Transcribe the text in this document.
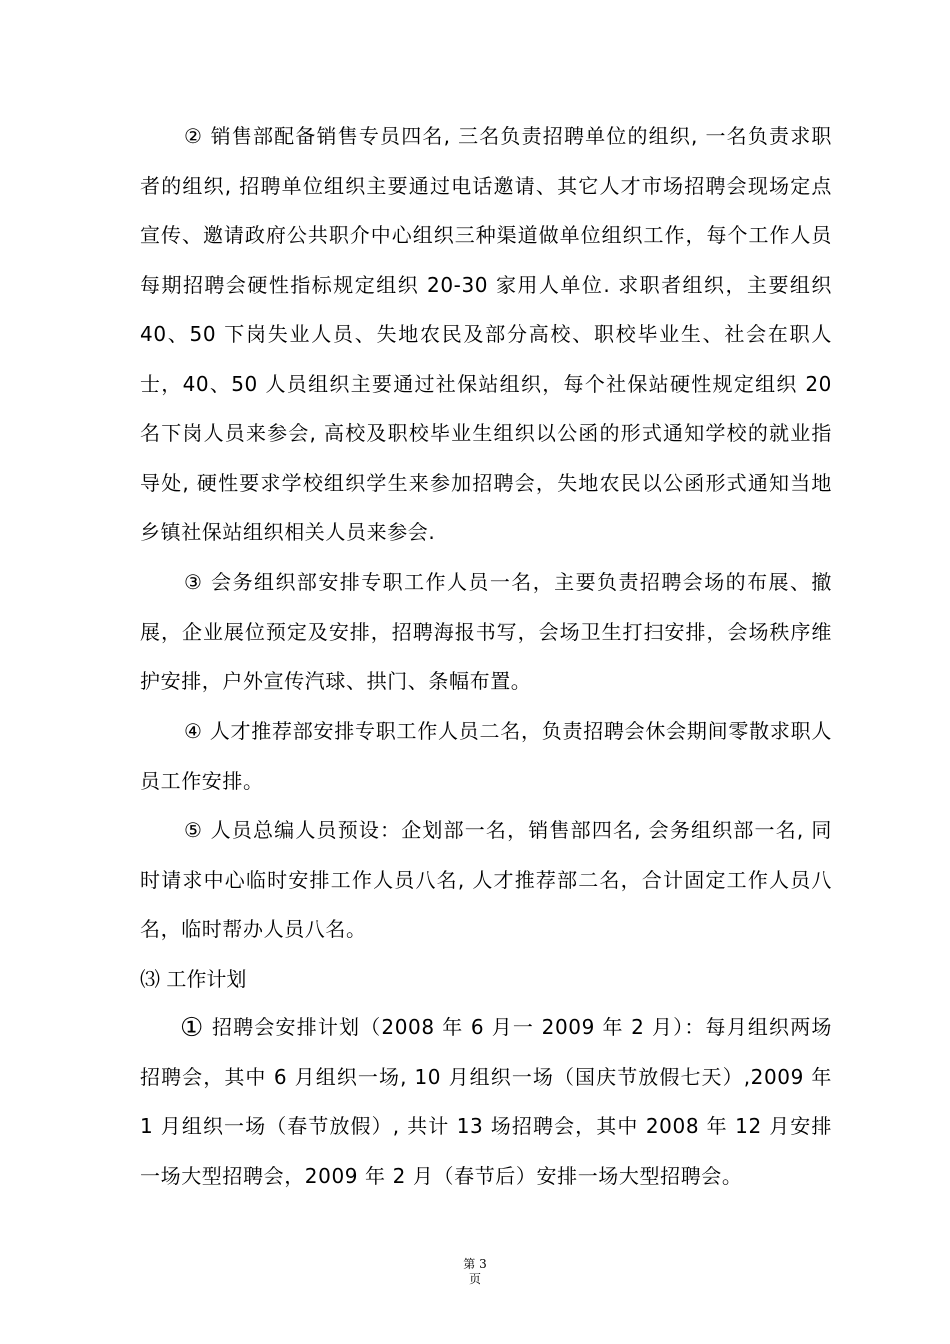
② 销售部配备销售专员四名, 三名负责招聘单位的组织, 一名负责求职者的组织, 招聘单位组织主要通过电话邀请、其它人才市场招聘会现场定点宣传、邀请政府公共职介中心组织三种渠道做单位组织工作，每个工作人员每期招聘会硬性指标规定组织 20-30 家用人单位. 求职者组织，主要组织 40、50 下岗失业人员、失地农民及部分高校、职校毕业生、社会在职人士，40、50 人员组织主要通过社保站组织，每个社保站硬性规定组织 20 名下岗人员来参会, 高校及职校毕业生组织以公函的形式通知学校的就业指导处, 硬性要求学校组织学生来参加招聘会，失地农民以公函形式通知当地乡镇社保站组织相关人员来参会.

③ 会务组织部安排专职工作人员一名，主要负责招聘会场的布展、撤展，企业展位预定及安排，招聘海报书写，会场卫生打扫安排，会场秩序维护安排，户外宣传汽球、拱门、条幅布置。

④ 人才推荐部安排专职工作人员二名，负责招聘会休会期间零散求职人员工作安排。

⑤ 人员总编人员预设：企划部一名，销售部四名, 会务组织部一名, 同时请求中心临时安排工作人员八名, 人才推荐部二名，合计固定工作人员八名，临时帮办人员八名。

⑶ 工作计划

① 招聘会安排计划（2008 年 6 月一 2009 年 2 月）：每月组织两场招聘会，其中 6 月组织一场, 10 月组织一场（国庆节放假七天）,2009 年 1 月组织一场（春节放假）, 共计 13 场招聘会，其中 2008 年 12 月安排一场大型招聘会，2009 年 2 月（春节后）安排一场大型招聘会。

第 3
页
